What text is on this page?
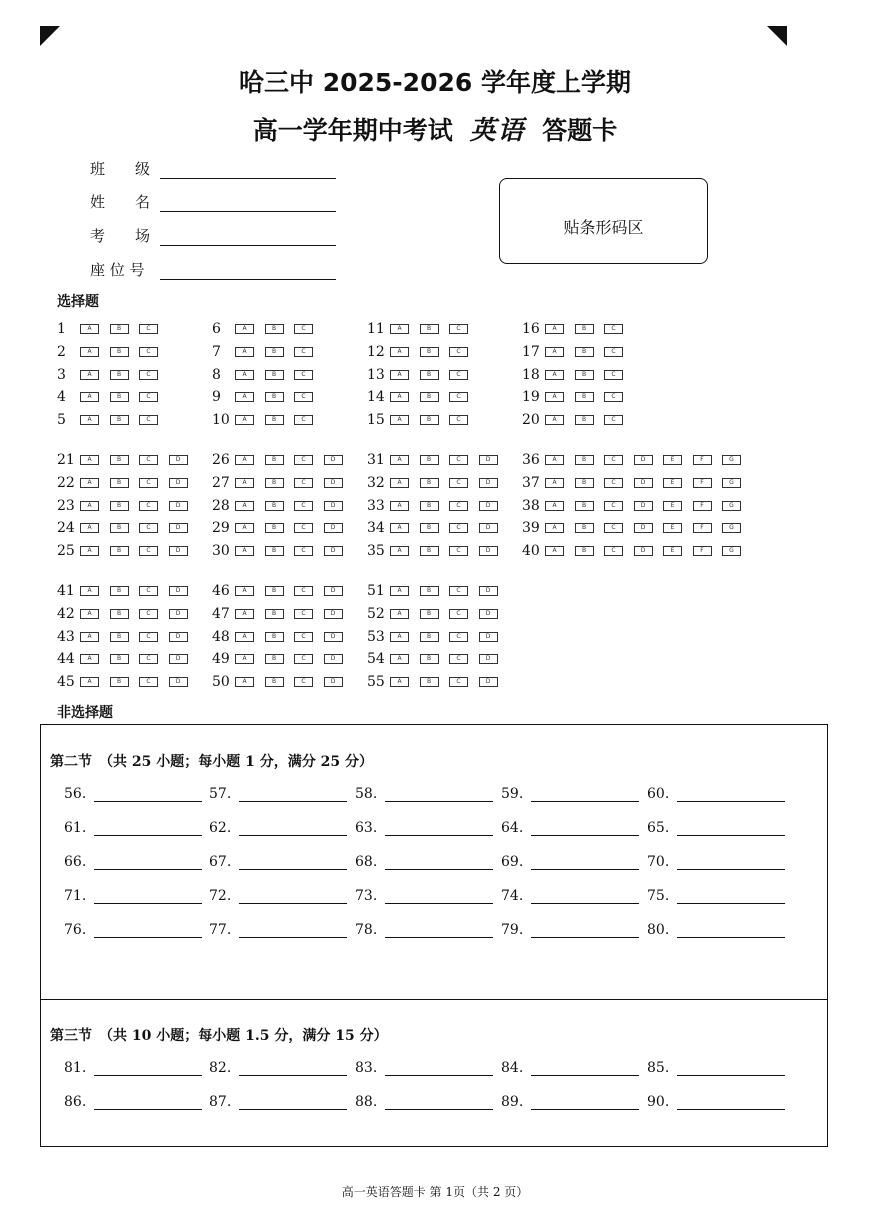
哈三中 2025-2026 学年度上学期
高一学年期中考试 英语 答题卡
班　　级
姓　　名
考　　场
座 位 号
贴条形码区
选择题
1	A	B	C
2	A	B	C
3	A	B	C
4	A	B	C
5	A	B	C
6	A	B	C
7	A	B	C
8	A	B	C
9	A	B	C
10	A	B	C
11	A	B	C
12	A	B	C
13	A	B	C
14	A	B	C
15	A	B	C
16	A	B	C
17	A	B	C
18	A	B	C
19	A	B	C
20	A	B	C
21	A	B	C	D
22	A	B	C	D
23	A	B	C	D
24	A	B	C	D
25	A	B	C	D
26	A	B	C	D
27	A	B	C	D
28	A	B	C	D
29	A	B	C	D
30	A	B	C	D
31	A	B	C	D
32	A	B	C	D
33	A	B	C	D
34	A	B	C	D
35	A	B	C	D
36	A	B	C	D	E	F	G
37	A	B	C	D	E	F	G
38	A	B	C	D	E	F	G
39	A	B	C	D	E	F	G
40	A	B	C	D	E	F	G
41	A	B	C	D
42	A	B	C	D
43	A	B	C	D
44	A	B	C	D
45	A	B	C	D
46	A	B	C	D
47	A	B	C	D
48	A	B	C	D
49	A	B	C	D
50	A	B	C	D
51	A	B	C	D
52	A	B	C	D
53	A	B	C	D
54	A	B	C	D
55	A	B	C	D
非选择题
第二节　（共 25 小题；每小题 1 分，满分 25 分）
第三节　（共 10 小题；每小题 1.5 分，满分 15 分）
56.	57.	58.	59.	60.
61.	62.	63.	64.	65.
66.	67.	68.	69.	70.
71.	72.	73.	74.	75.
76.	77.	78.	79.	80.
81.	82.	83.	84.	85.
86.	87.	88.	89.	90.
高一英语答题卡 第 1页（共 2 页）
